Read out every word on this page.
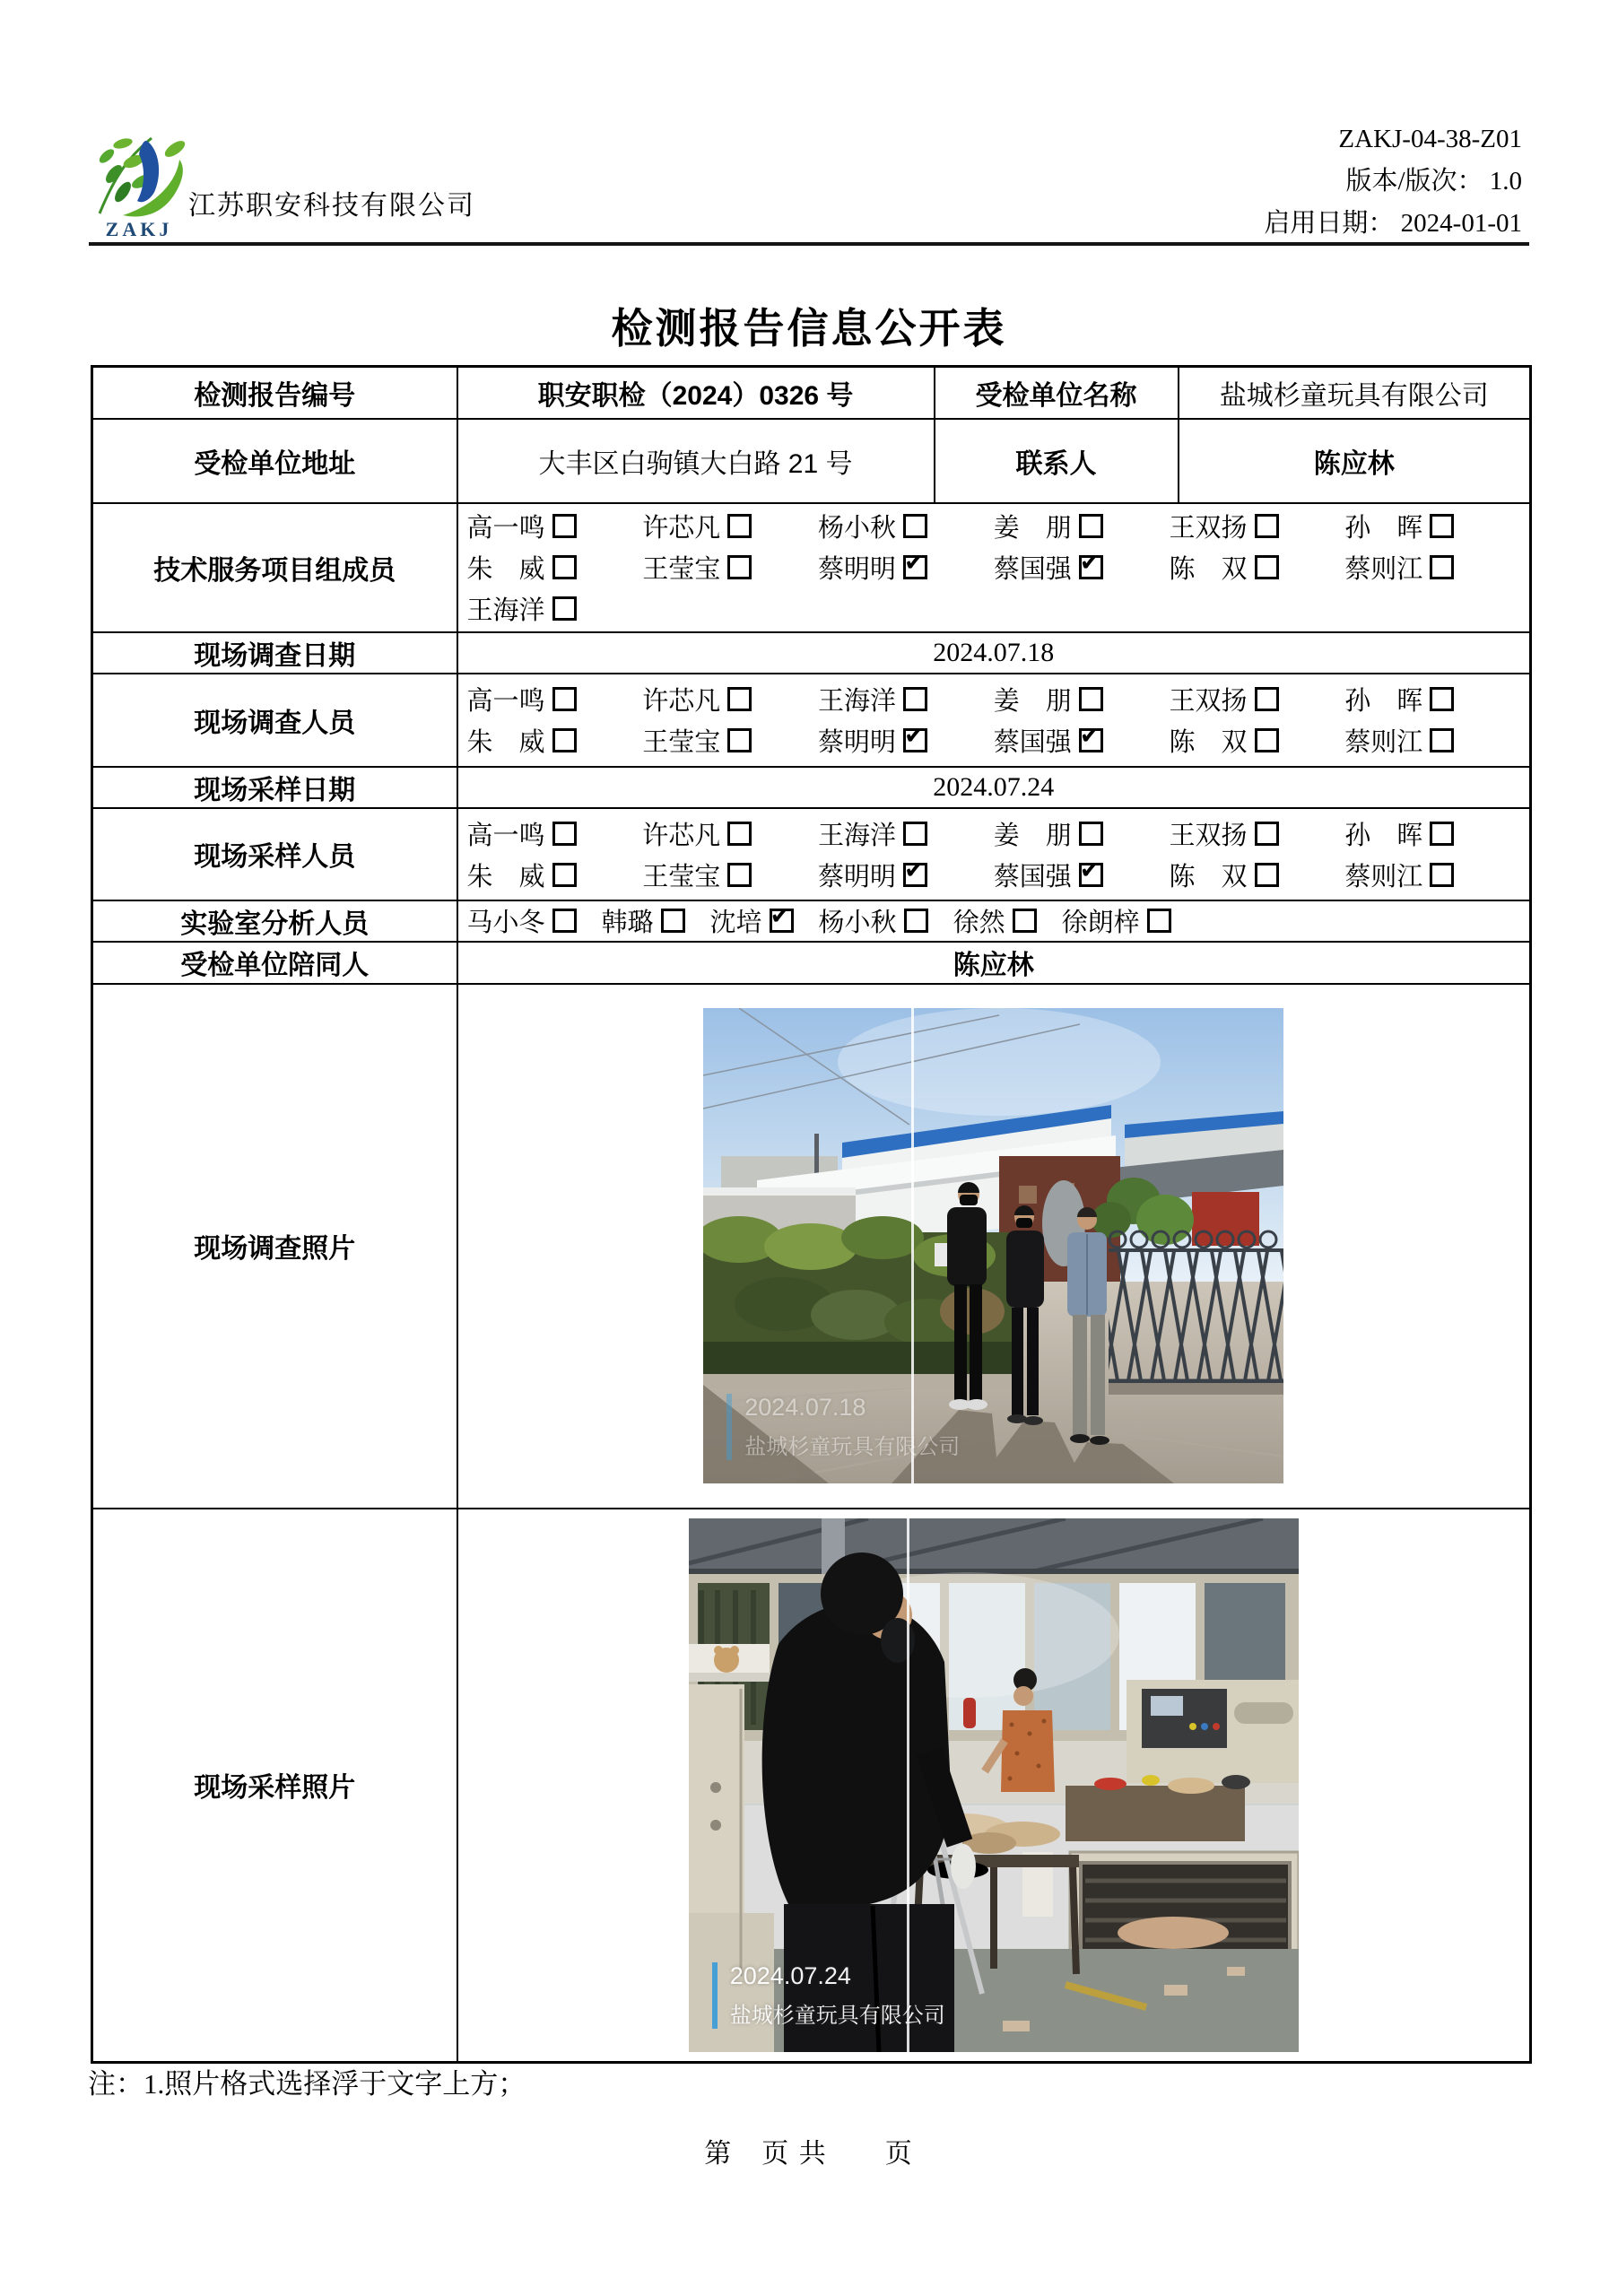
ZAKJ
江苏职安科技有限公司
ZAKJ-04-38-Z01
版本/版次： 1.0
启用日期： 2024-01-01
检测报告信息公开表
检测报告编号	职安职检（2024）0326 号	受检单位名称	盐城杉童玩具有限公司
受检单位地址	大丰区白驹镇大白路 21 号	联系人	陈应林
技术服务项目组成员	
高一鸣	许芯凡	杨小秋	姜　朋	王双扬	孙　晖
朱　威	王莹宝	蔡明明 ✔	蔡国强 ✔	陈　双	蔡则江
王海洋

现场调查日期	2024.07.18		
现场调查人员	
高一鸣	许芯凡	王海洋	姜　朋	王双扬	孙　晖
朱　威	王莹宝	蔡明明 ✔	蔡国强 ✔	陈　双	蔡则江

现场采样日期	2024.07.24		
现场采样人员	
高一鸣	许芯凡	王海洋	姜　朋	王双扬	孙　晖
朱　威	王莹宝	蔡明明 ✔	蔡国强 ✔	陈　双	蔡则江

实验室分析人员	马小冬 韩璐 沈培 ✔ 杨小秋 徐然 徐朗梓

受检单位陪同人	陈应林		
现场调查照片	2024.07.18
盐城杉童玩具有限公司		

现场采样照片	2024.07.24
盐城杉童玩具有限公司		
注：1.照片格式选择浮于文字上方；
第　页 共　　页
